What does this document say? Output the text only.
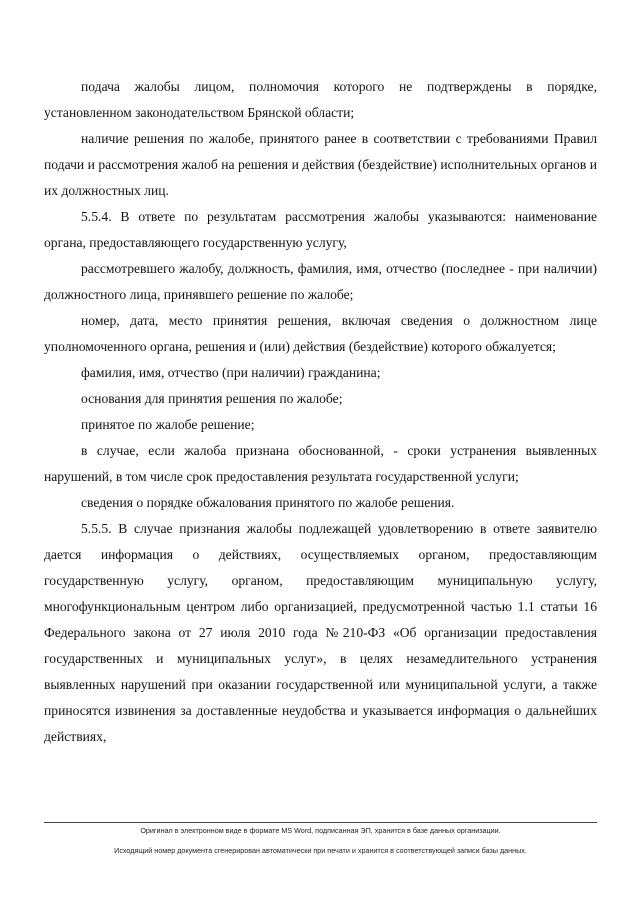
подача жалобы лицом, полномочия которого не подтверждены в порядке, установленном законодательством Брянской области;

наличие решения по жалобе, принятого ранее в соответствии с требованиями Правил подачи и рассмотрения жалоб на решения и действия (бездействие) исполнительных органов и их должностных лиц.

5.5.4. В ответе по результатам рассмотрения жалобы указываются: наименование органа, предоставляющего государственную услугу,

рассмотревшего жалобу, должность, фамилия, имя, отчество (последнее - при наличии) должностного лица, принявшего решение по жалобе;

номер, дата, место принятия решения, включая сведения о должностном лице уполномоченного органа, решения и (или) действия (бездействие) которого обжалуется;

фамилия, имя, отчество (при наличии) гражданина;

основания для принятия решения по жалобе;

принятое по жалобе решение;

в случае, если жалоба признана обоснованной, - сроки устранения выявленных нарушений, в том числе срок предоставления результата государственной услуги;

сведения о порядке обжалования принятого по жалобе решения.

5.5.5. В случае признания жалобы подлежащей удовлетворению в ответе заявителю дается информация о действиях, осуществляемых органом, предоставляющим государственную услугу, органом, предоставляющим муниципальную услугу, многофункциональным центром либо организацией, предусмотренной частью 1.1 статьи 16 Федерального закона от 27 июля 2010 года №210-ФЗ «Об организации предоставления государственных и муниципальных услуг», в целях незамедлительного устранения выявленных нарушений при оказании государственной или муниципальной услуги, а также приносятся извинения за доставленные неудобства и указывается информация о дальнейших действиях,

Оригинал в электронном виде в формате MS Word, подписанная ЭП, хранится в базе данных организации.
Исходящий номер документа сгенерирован автоматически при печати и хранится в соответствующей записи базы данных.
